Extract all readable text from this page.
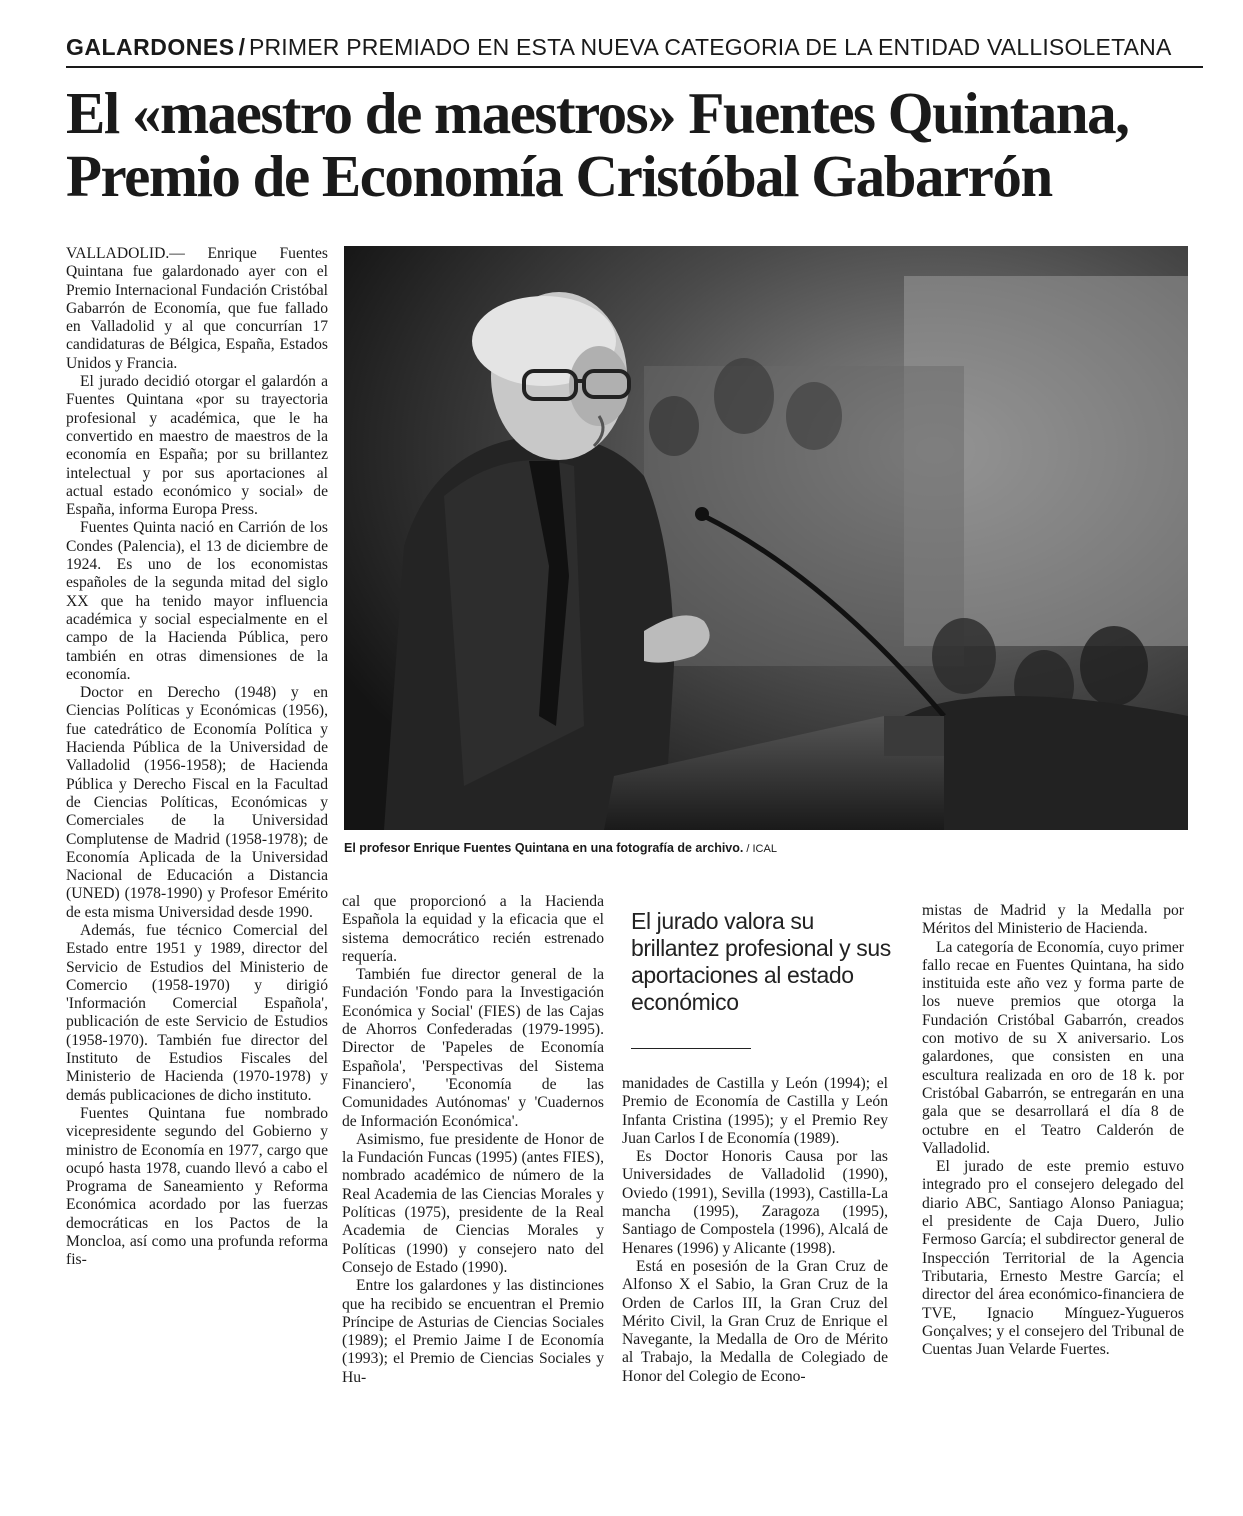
GALARDONES / PRIMER PREMIADO EN ESTA NUEVA CATEGORIA DE LA ENTIDAD VALLISOLETANA
El «maestro de maestros» Fuentes Quintana,
Premio de Economía Cristóbal Gabarrón
El profesor Enrique Fuentes Quintana en una fotografía de archivo. / ICAL

VALLADOLID.— Enrique Fuentes Quintana fue galardonado ayer con el Premio Internacional Fundación Cristóbal Gabarrón de Economía, que fue fallado en Valladolid y al que concurrían 17 candidaturas de Bélgica, España, Estados Unidos y Francia.

El jurado decidió otorgar el galardón a Fuentes Quintana «por su trayectoria profesional y académica, que le ha convertido en maestro de maestros de la economía en España; por su brillantez intelectual y por sus aportaciones al actual estado económico y social» de España, informa Europa Press.

Fuentes Quinta nació en Carrión de los Condes (Palencia), el 13 de diciembre de 1924. Es uno de los economistas españoles de la segunda mitad del siglo XX que ha tenido mayor influencia académica y social especialmente en el campo de la Hacienda Pública, pero también en otras dimensiones de la economía.

Doctor en Derecho (1948) y en Ciencias Políticas y Económicas (1956), fue catedrático de Economía Política y Hacienda Pública de la Universidad de Valladolid (1956-1958); de Hacienda Pública y Derecho Fiscal en la Facultad de Ciencias Políticas, Económicas y Comerciales de la Universidad Complutense de Madrid (1958-1978); de Economía Aplicada de la Universidad Nacional de Educación a Distancia (UNED) (1978-1990) y Profesor Emérito de esta misma Universidad desde 1990.

Además, fue técnico Comercial del Estado entre 1951 y 1989, director del Servicio de Estudios del Ministerio de Comercio (1958-1970) y dirigió 'Información Comercial Española', publicación de este Servicio de Estudios (1958-1970). También fue director del Instituto de Estudios Fiscales del Ministerio de Hacienda (1970-1978) y demás publicaciones de dicho instituto.

Fuentes Quintana fue nombrado vicepresidente segundo del Gobierno y ministro de Economía en 1977, cargo que ocupó hasta 1978, cuando llevó a cabo el Programa de Saneamiento y Reforma Económica acordado por las fuerzas democráticas en los Pactos de la Moncloa, así como una profunda reforma fis-

cal que proporcionó a la Hacienda Española la equidad y la eficacia que el sistema democrático recién estrenado requería.

También fue director general de la Fundación 'Fondo para la Investigación Económica y Social' (FIES) de las Cajas de Ahorros Confederadas (1979-1995). Director de 'Papeles de Economía Española', 'Perspectivas del Sistema Financiero', 'Economía de las Comunidades Autónomas' y 'Cuadernos de Información Económica'.

Asimismo, fue presidente de Honor de la Fundación Funcas (1995) (antes FIES), nombrado académico de número de la Real Academia de las Ciencias Morales y Políticas (1975), presidente de la Real Academia de Ciencias Morales y Políticas (1990) y consejero nato del Consejo de Estado (1990).

Entre los galardones y las distinciones que ha recibido se encuentran el Premio Príncipe de Asturias de Ciencias Sociales (1989); el Premio Jaime I de Economía (1993); el Premio de Ciencias Sociales y Hu-

El jurado valora su brillantez profesional y sus aportaciones al estado económico

manidades de Castilla y León (1994); el Premio de Economía de Castilla y León Infanta Cristina (1995); y el Premio Rey Juan Carlos I de Economía (1989).

Es Doctor Honoris Causa por las Universidades de Valladolid (1990), Oviedo (1991), Sevilla (1993), Castilla-La mancha (1995), Zaragoza (1995), Santiago de Compostela (1996), Alcalá de Henares (1996) y Alicante (1998).

Está en posesión de la Gran Cruz de Alfonso X el Sabio, la Gran Cruz de la Orden de Carlos III, la Gran Cruz del Mérito Civil, la Gran Cruz de Enrique el Navegante, la Medalla de Oro de Mérito al Trabajo, la Medalla de Colegiado de Honor del Colegio de Econo-

mistas de Madrid y la Medalla por Méritos del Ministerio de Hacienda.

La categoría de Economía, cuyo primer fallo recae en Fuentes Quintana, ha sido instituida este año vez y forma parte de los nueve premios que otorga la Fundación Cristóbal Gabarrón, creados con motivo de su X aniversario. Los galardones, que consisten en una escultura realizada en oro de 18 k. por Cristóbal Gabarrón, se entregarán en una gala que se desarrollará el día 8 de octubre en el Teatro Calderón de Valladolid.

El jurado de este premio estuvo integrado pro el consejero delegado del diario ABC, Santiago Alonso Paniagua; el presidente de Caja Duero, Julio Fermoso García; el subdirector general de Inspección Territorial de la Agencia Tributaria, Ernesto Mestre García; el director del área económico-financiera de TVE, Ignacio Mínguez-Yugueros Gonçalves; y el consejero del Tribunal de Cuentas Juan Velarde Fuertes.
